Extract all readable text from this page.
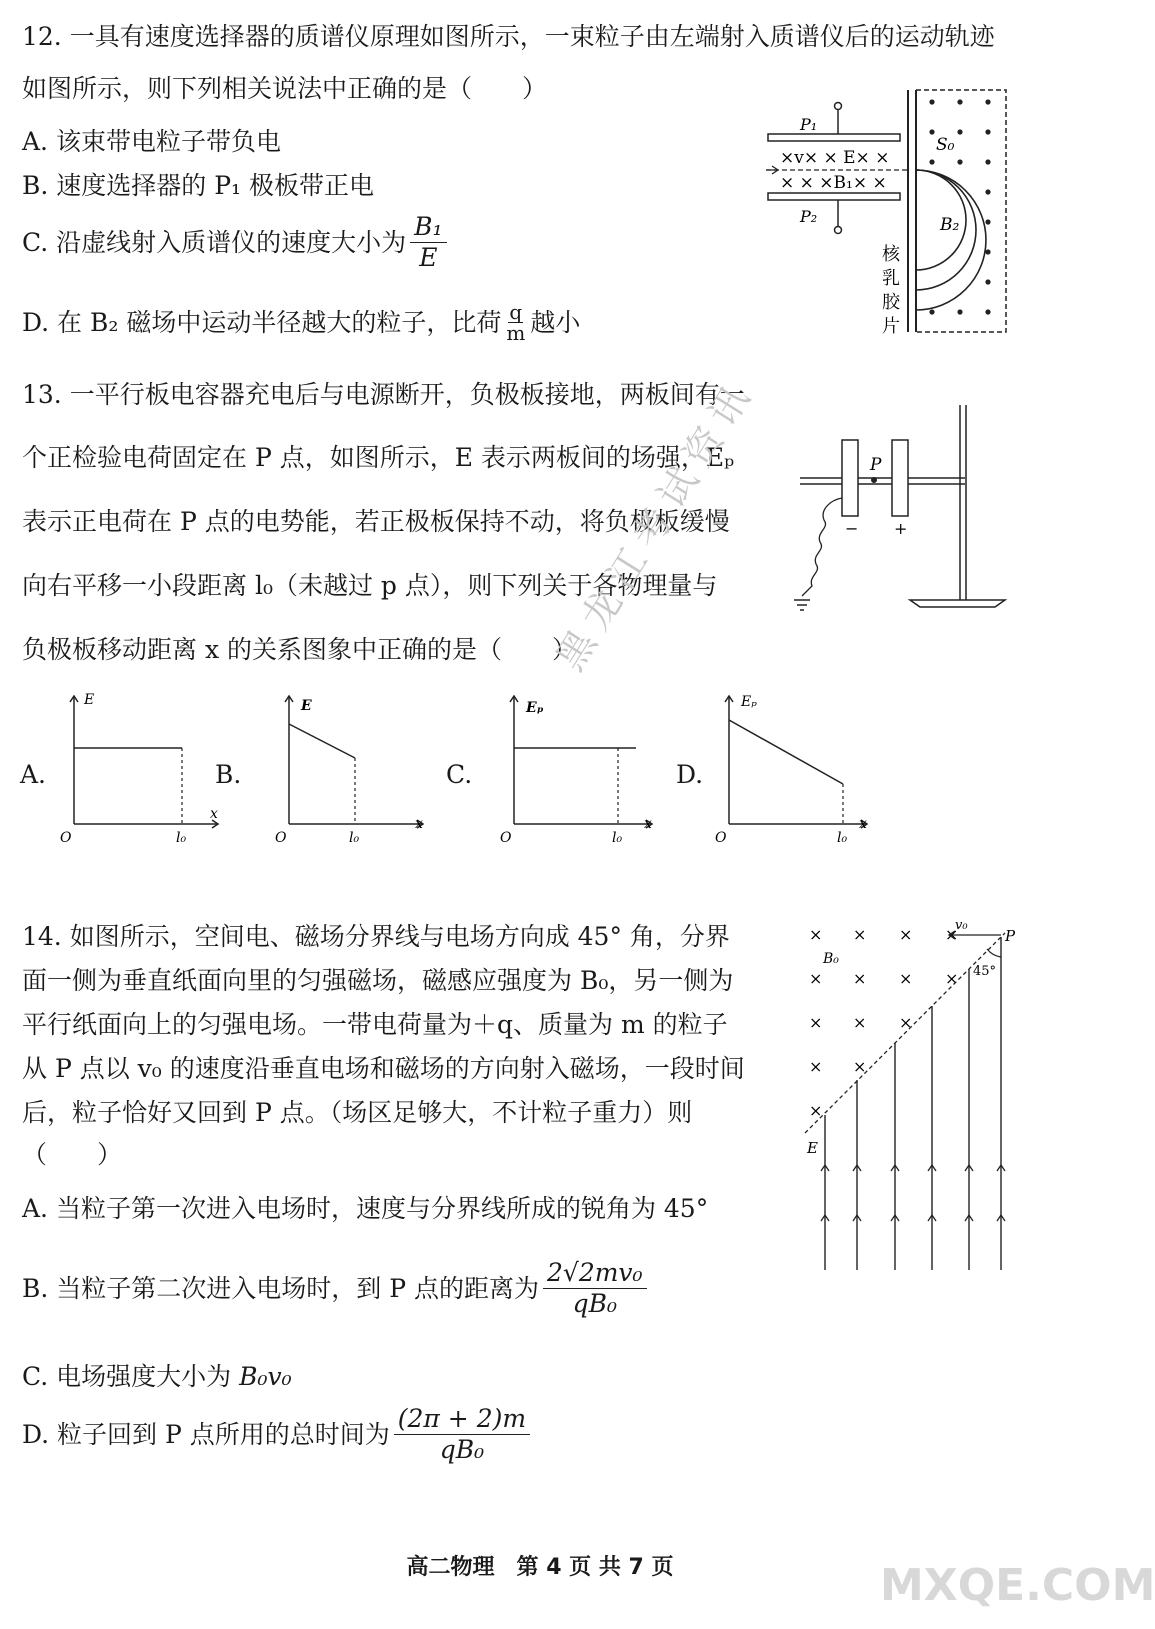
12. 一具有速度选择器的质谱仪原理如图所示，一束粒子由左端射入质谱仪后的运动轨迹
如图所示，则下列相关说法中正确的是（　　）
A. 该束带电粒子带负电
B. 速度选择器的 P₁ 极板带正电
C. 沿虚线射入质谱仪的速度大小为 $\frac{\text{B₁}}{E}$
D. 在 B₂ 磁场中运动半径越大的粒子，比荷 $\frac{q}{m}$ 越小
P₁
P₂
×v× × E× ×
× × ×B₁× ×
S₀
B₂
核
乳
胶
片
13. 一平行板电容器充电后与电源断开，负极板接地，两板间有一
个正检验电荷固定在 P 点，如图所示，E 表示两板间的场强，Eₚ
表示正电荷在 P 点的电势能，若正极板保持不动，将负极板缓慢
向右平移一小段距离 l₀（未越过 p 点），则下列关于各物理量与
负极板移动距离 x 的关系图象中正确的是（　　）
P
− +
A.	B.	C.	D.
E
x
O	l₀
E
x
O	l₀
Eₚ
x
O	l₀
Eₚ
x
O	l₀
14. 如图所示，空间电、磁场分界线与电场方向成 45° 角，分界
面一侧为垂直纸面向里的匀强磁场，磁感应强度为 B₀，另一侧为
平行纸面向上的匀强电场。一带电荷量为＋q、质量为 m 的粒子
从 P 点以 v₀ 的速度沿垂直电场和磁场的方向射入磁场，一段时间
后，粒子恰好又回到 P 点。（场区足够大，不计粒子重力）则
（　　）
A. 当粒子第一次进入电场时，速度与分界线所成的锐角为 45°
B. 当粒子第二次进入电场时，到 P 点的距离为 $\frac{\text{2√2mv₀}}{\text{qB₀}}$
C. 电场强度大小为 B₀v₀
D. 粒子回到 P 点所用的总时间为 $\frac{(2\pi + 2)m}{\text{qB₀}}$
× × × ×
× × × ×
× × ×
× ×
×
v₀
P
B₀
45°
E
黑龙江考试资讯
高二物理　第 4 页 共 7 页	MXQE.COM
